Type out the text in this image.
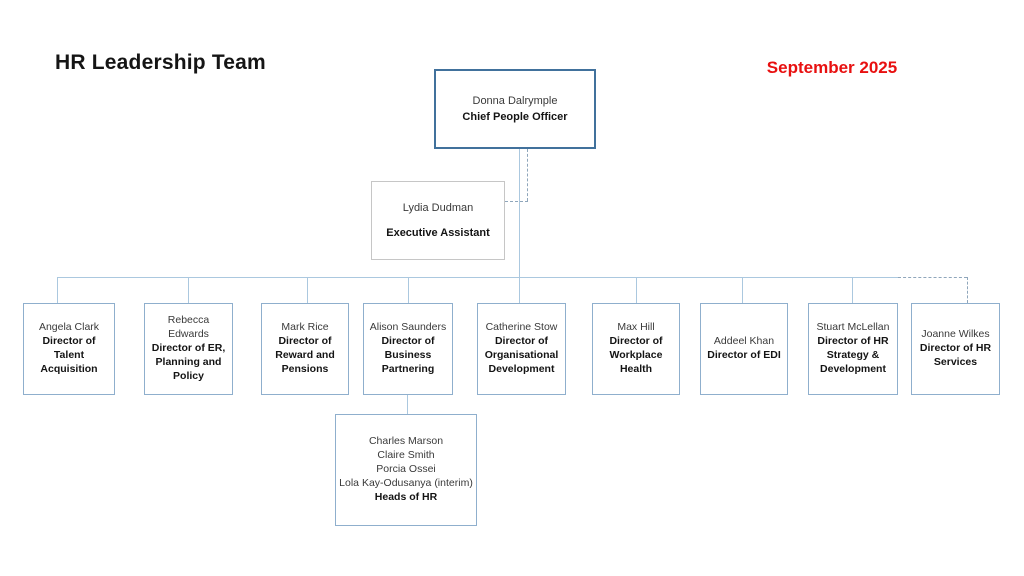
HR Leadership Team	September 2025
Donna Dalrymple
Chief People Officer
Lydia Dudman
Executive Assistant
Angela Clark
Director of Talent Acquisition
Rebecca Edwards
Director of ER, Planning and Policy
Mark Rice
Director of Reward and Pensions
Alison Saunders
Director of Business Partnering
Catherine Stow
Director of Organisational Development
Max Hill
Director of Workplace Health
Addeel Khan
Director of EDI
Stuart McLellan
Director of HR Strategy & Development
Joanne Wilkes
Director of HR Services
Charles Marson
Claire Smith
Porcia Ossei
Lola Kay-Odusanya (interim)
Heads of HR
